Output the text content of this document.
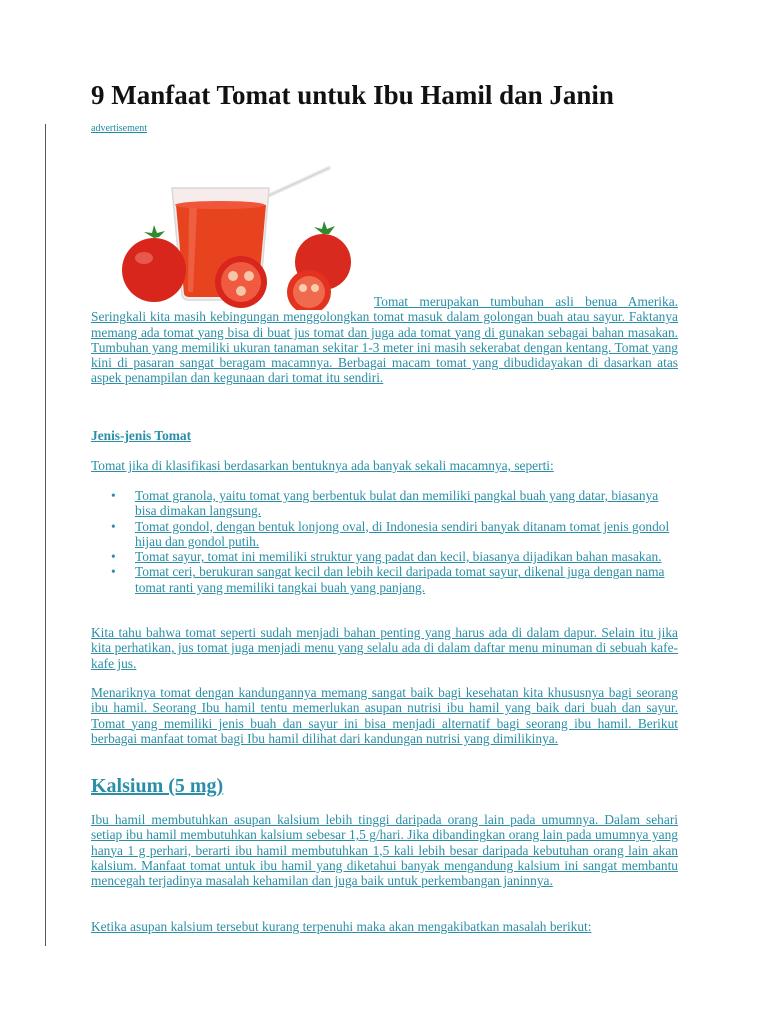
9 Manfaat Tomat untuk Ibu Hamil dan Janin
advertisement

Tomat merupakan tumbuhan asli benua Amerika. Seringkali kita masih kebingungan menggolongkan tomat masuk dalam golongan buah atau sayur. Faktanya memang ada tomat yang bisa di buat jus tomat dan juga ada tomat yang di gunakan sebagai bahan masakan. Tumbuhan yang memiliki ukuran tanaman sekitar 1-3 meter ini masih sekerabat dengan kentang. Tomat yang kini di pasaran sangat beragam macamnya. Berbagai macam tomat yang dibudidayakan di dasarkan atas aspek penampilan dan kegunaan dari tomat itu sendiri.

Jenis-jenis Tomat
Tomat jika di klasifikasi berdasarkan bentuknya ada banyak sekali macamnya, seperti:
• Tomat granola, yaitu tomat yang berbentuk bulat dan memiliki pangkal buah yang datar, biasanya bisa dimakan langsung.
• Tomat gondol, dengan bentuk lonjong oval, di Indonesia sendiri banyak ditanam tomat jenis gondol hijau dan gondol putih.
• Tomat sayur, tomat ini memiliki struktur yang padat dan kecil, biasanya dijadikan bahan masakan.
• Tomat ceri, berukuran sangat kecil dan lebih kecil daripada tomat sayur, dikenal juga dengan nama tomat ranti yang memiliki tangkai buah yang panjang.

Kita tahu bahwa tomat seperti sudah menjadi bahan penting yang harus ada di dalam dapur. Selain itu jika kita perhatikan, jus tomat juga menjadi menu yang selalu ada di dalam daftar menu minuman di sebuah kafe-kafe jus.

Menariknya tomat dengan kandungannya memang sangat baik bagi kesehatan kita khususnya bagi seorang ibu hamil. Seorang Ibu hamil tentu memerlukan asupan nutrisi ibu hamil yang baik dari buah dan sayur. Tomat yang memiliki jenis buah dan sayur ini bisa menjadi alternatif bagi seorang ibu hamil. Berikut berbagai manfaat tomat bagi Ibu hamil dilihat dari kandungan nutrisi yang dimilikinya.

Kalsium (5 mg)

Ibu hamil membutuhkan asupan kalsium lebih tinggi daripada orang lain pada umumnya. Dalam sehari setiap ibu hamil membutuhkan kalsium sebesar 1,5 g/hari. Jika dibandingkan orang lain pada umumnya yang hanya 1 g perhari, berarti ibu hamil membutuhkan 1,5 kali lebih besar daripada kebutuhan orang lain akan kalsium. Manfaat tomat untuk ibu hamil yang diketahui banyak mengandung kalsium ini sangat membantu mencegah terjadinya masalah kehamilan dan juga baik untuk perkembangan janinnya.

Ketika asupan kalsium tersebut kurang terpenuhi maka akan mengakibatkan masalah berikut:
